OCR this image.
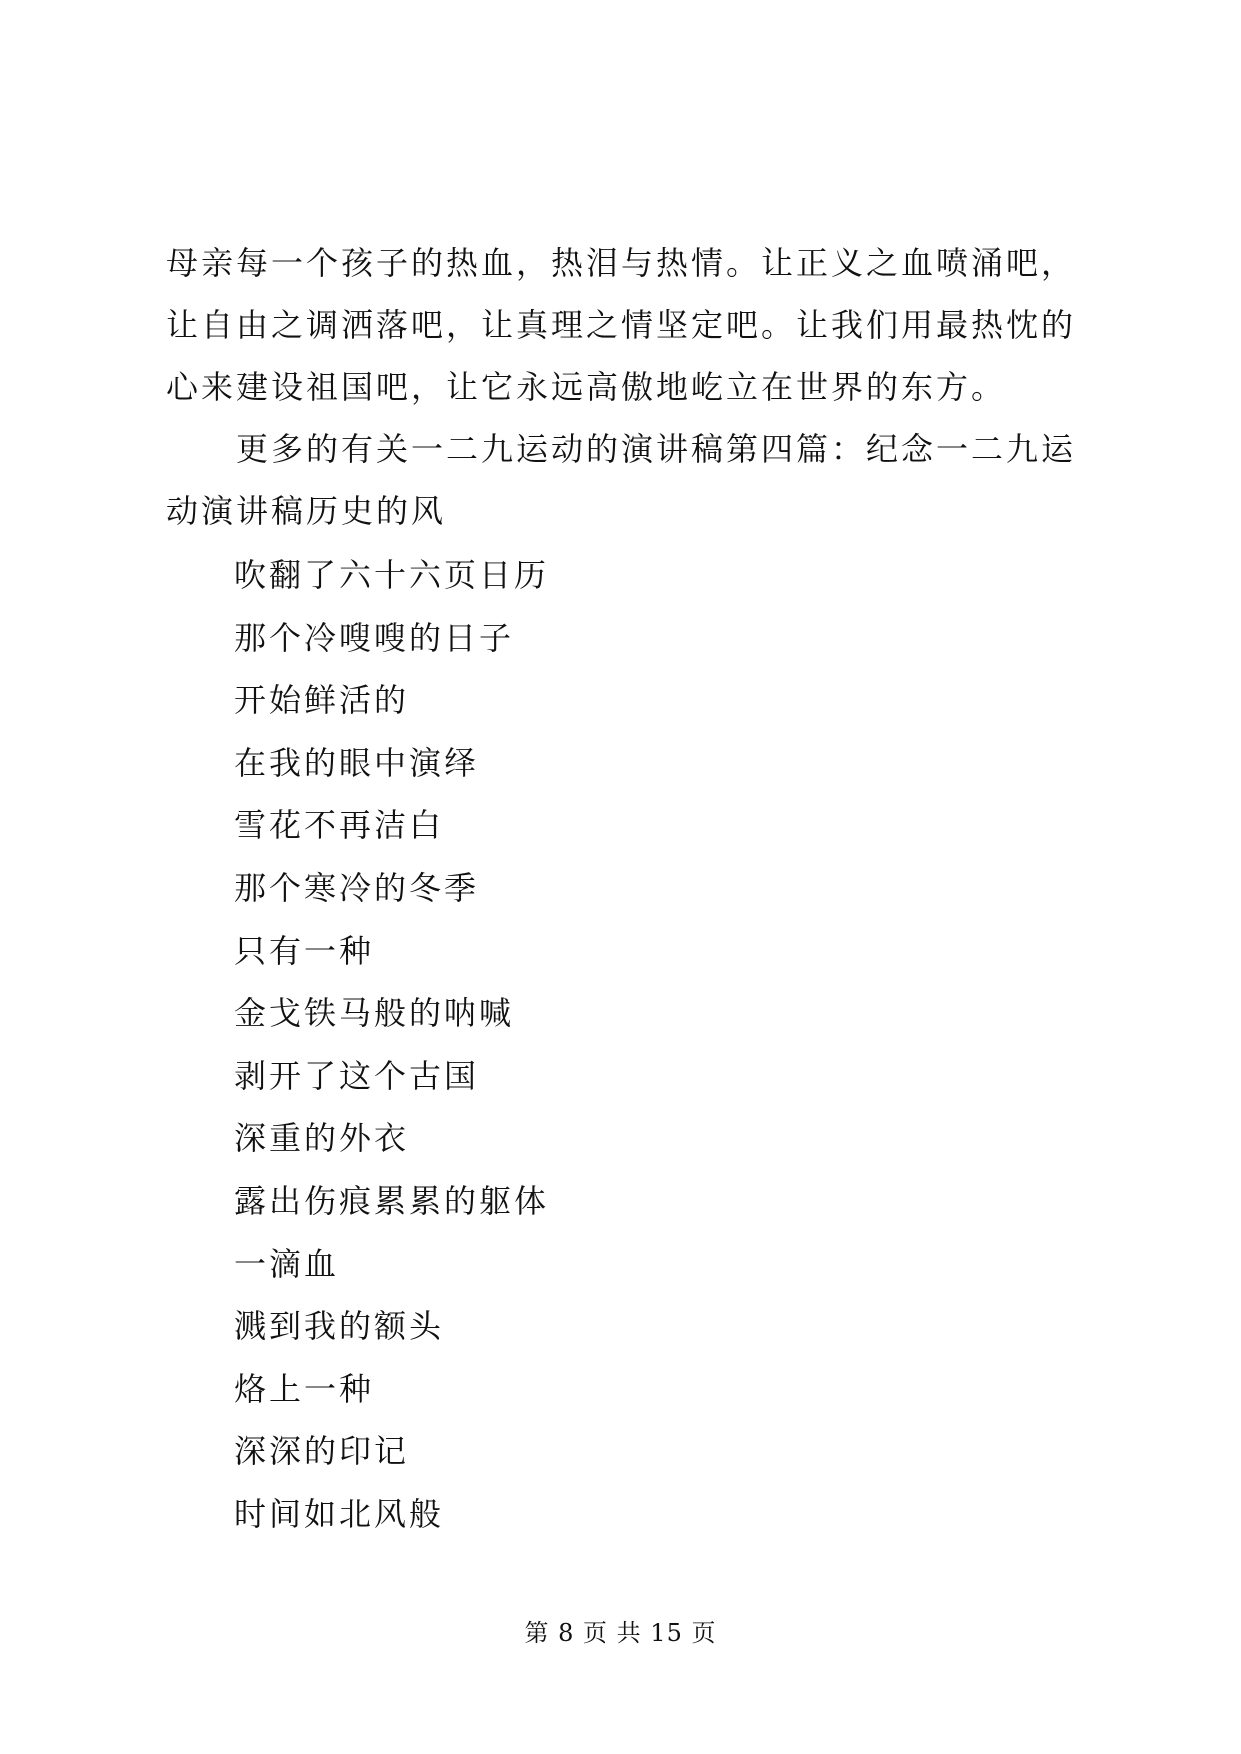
母亲每一个孩子的热血，热泪与热情。让正义之血喷涌吧，让自由之调洒落吧，让真理之情坚定吧。让我们用最热忱的心来建设祖国吧，让它永远高傲地屹立在世界的东方。

更多的有关一二九运动的演讲稿第四篇：纪念一二九运动演讲稿历史的风

吹翻了六十六页日历
那个冷嗖嗖的日子
开始鲜活的
在我的眼中演绎
雪花不再洁白
那个寒冷的冬季
只有一种
金戈铁马般的呐喊
剥开了这个古国
深重的外衣
露出伤痕累累的躯体
一滴血
溅到我的额头
烙上一种
深深的印记
时间如北风般
第 8 页 共 15 页
